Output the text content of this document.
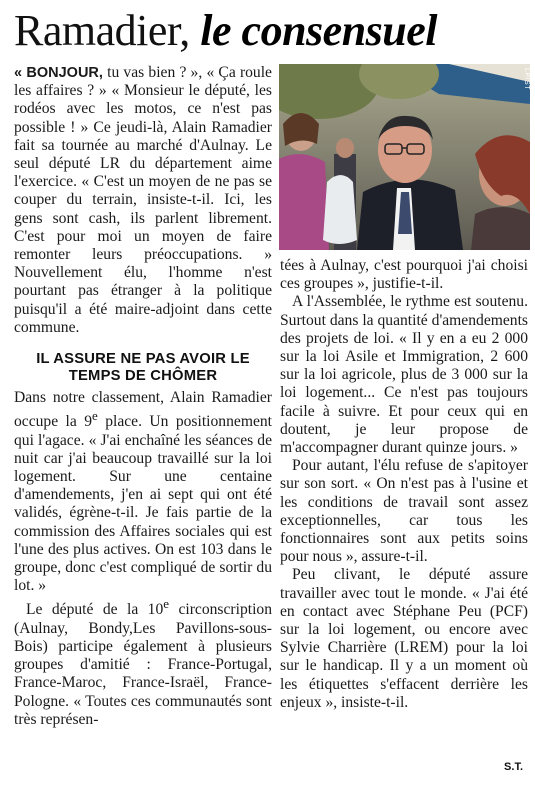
Ramadier, le consensuel
LP/ST

« BONJOUR, tu vas bien ? », « Ça roule les affaires ? » « Monsieur le député, les rodéos avec les motos, ce n'est pas possible ! » Ce jeudi-là, Alain Ramadier fait sa tournée au marché d'Aulnay. Le seul député LR du département aime l'exercice. « C'est un moyen de ne pas se couper du terrain, insiste-t-il. Ici, les gens sont cash, ils parlent librement. C'est pour moi un moyen de faire remonter leurs préoccupations. » Nouvellement élu, l'homme n'est pourtant pas étranger à la politique puisqu'il a été maire-adjoint dans cette commune.

IL ASSURE NE PAS AVOIR LE TEMPS DE CHÔMER

Dans notre classement, Alain Ramadier occupe la 9e place. Un positionnement qui l'agace. « J'ai enchaîné les séances de nuit car j'ai beaucoup travaillé sur la loi logement. Sur une centaine d'amendements, j'en ai sept qui ont été validés, égrène-t-il. Je fais partie de la commission des Affaires sociales qui est l'une des plus actives. On est 103 dans le groupe, donc c'est compliqué de sortir du lot. »

Le député de la 10e circonscription (Aulnay, Bondy,Les Pavillons-sous-Bois) participe également à plusieurs groupes d'amitié : France-Portugal, France-Maroc, France-Israël, France-Pologne. « Toutes ces communautés sont très représen-

tées à Aulnay, c'est pourquoi j'ai choisi ces groupes », justifie-t-il.

A l'Assemblée, le rythme est soutenu. Surtout dans la quantité d'amendements des projets de loi. « Il y en a eu 2 000 sur la loi Asile et Immigration, 2 600 sur la loi agricole, plus de 3 000 sur la loi logement... Ce n'est pas toujours facile à suivre. Et pour ceux qui en doutent, je leur propose de m'accompagner durant quinze jours. »

Pour autant, l'élu refuse de s'apitoyer sur son sort. « On n'est pas à l'usine et les conditions de travail sont assez exceptionnelles, car tous les fonctionnaires sont aux petits soins pour nous », assure-t-il.

Peu clivant, le député assure travailler avec tout le monde. « J'ai été en contact avec Stéphane Peu (PCF) sur la loi logement, ou encore avec Sylvie Charrière (LREM) pour la loi sur le handicap. Il y a un moment où les étiquettes s'effacent derrière les enjeux », insiste-t-il.

S.T.
